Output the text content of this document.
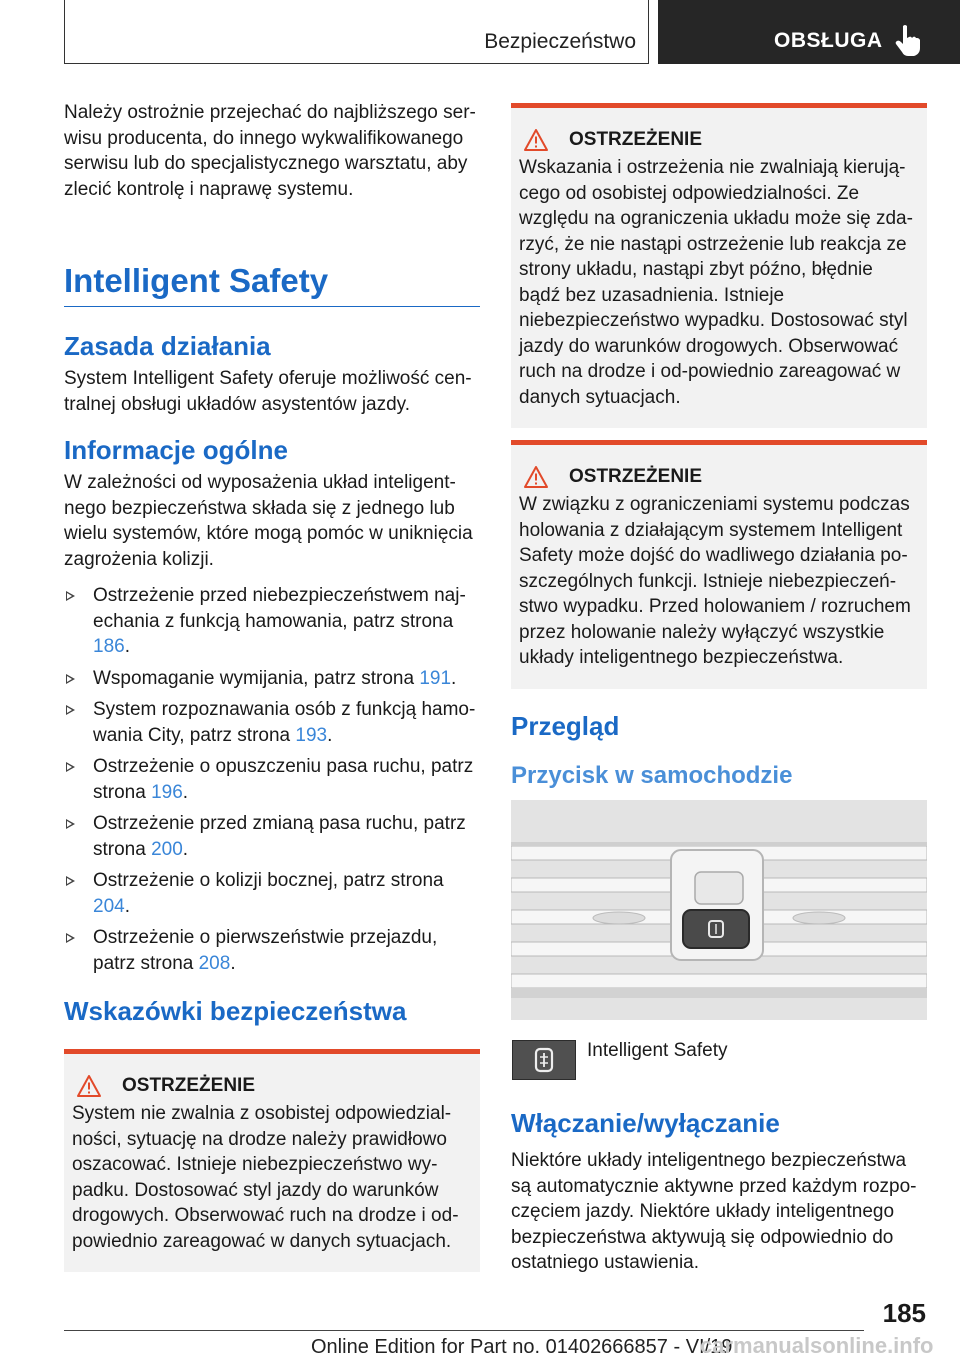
Bezpieczeństwo	OBSŁUGA

Należy ostrożnie przejechać do najbliższego ser-wisu producenta, do innego wykwalifikowanego serwisu lub do specjalistycznego warsztatu, aby zlecić kontrolę i naprawę systemu.

Intelligent Safety
Zasada działania

System Intelligent Safety oferuje możliwość cen-tralnej obsługi układów asystentów jazdy.

Informacje ogólne

W zależności od wyposażenia układ inteligent-nego bezpieczeństwa składa się z jednego lub wielu systemów, które mogą pomóc w uniknięcia zagrożenia kolizji.

Ostrzeżenie przed niebezpieczeństwem naj-echania z funkcją hamowania, patrz strona 186.
Wspomaganie wymijania, patrz strona 191.
System rozpoznawania osób z funkcją hamo-wania City, patrz strona 193.
Ostrzeżenie o opuszczeniu pasa ruchu, patrz strona 196.
Ostrzeżenie przed zmianą pasa ruchu, patrz strona 200.
Ostrzeżenie o kolizji bocznej, patrz strona 204.
Ostrzeżenie o pierwszeństwie przejazdu, patrz strona 208.
Wskazówki bezpieczeństwa
OSTRZEŻENIE

System nie zwalnia z osobistej odpowiedzial-ności, sytuację na drodze należy prawidłowo oszacować. Istnieje niebezpieczeństwo wy-padku. Dostosować styl jazdy do warunków drogowych. Obserwować ruch na drodze i od-powiednio zareagować w danych sytuacjach.

OSTRZEŻENIE

Wskazania i ostrzeżenia nie zwalniają kierują-cego od osobistej odpowiedzialności. Ze względu na ograniczenia układu może się zda-rzyć, że nie nastąpi ostrzeżenie lub reakcja ze strony układu, nastąpi zbyt późno, błędnie bądź bez uzasadnienia. Istnieje niebezpieczeństwo wypadku. Dostosować styl jazdy do warunków drogowych. Obserwować ruch na drodze i od-powiednio zareagować w danych sytuacjach.

OSTRZEŻENIE

W związku z ograniczeniami systemu podczas holowania z działającym systemem Intelligent Safety może dojść do wadliwego działania po-szczególnych funkcji. Istnieje niebezpieczeń-stwo wypadku. Przed holowaniem / rozruchem przez holowanie należy wyłączyć wszystkie układy inteligentnego bezpieczeństwa.

Przegląd
Przycisk w samochodzie
Intelligent Safety
Włączanie/wyłączanie

Niektóre układy inteligentnego bezpieczeństwa są automatycznie aktywne przed każdym rozpo-częciem jazdy. Niektóre układy inteligentnego bezpieczeństwa aktywują się odpowiednio do ostatniego ustawienia.

185
Online Edition for Part no. 01402666857 - VI/19
carmanualsonline.info
